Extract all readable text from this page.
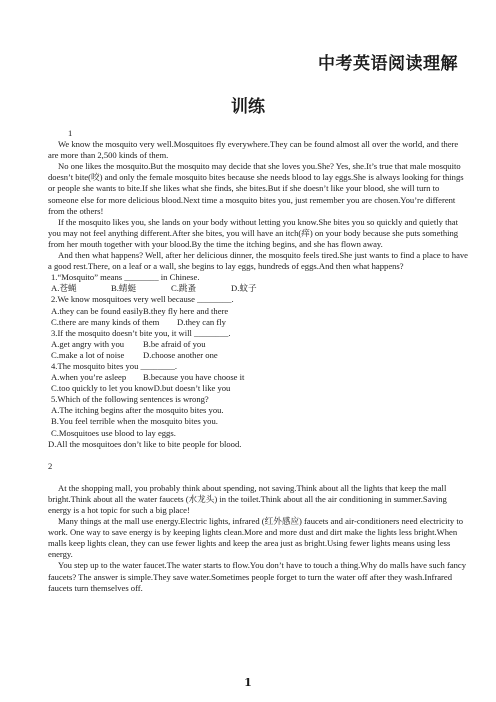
中考英语阅读理解
训练

1

We know the mosquito very well.Mosquitoes fly everywhere.They can be found almost all over the world, and there are more than 2,500 kinds of them.

No one likes the mosquito.But the mosquito may decide that she loves you.She? Yes, she.It’s true that male mosquito doesn’t bite(咬) and only the female mosquito bites because she needs blood to lay eggs.She is always looking for things or people she wants to bite.If she likes what she finds, she bites.But if she doesn’t like your blood, she will turn to someone else for more delicious blood.Next time a mosquito bites you, just remember you are chosen.You’re different from the others!

If the mosquito likes you, she lands on your body without letting you know.She bites you so quickly and quietly that you may not feel anything different.After she bites, you will have an itch(痒) on your body because she puts something from her mouth together with your blood.By the time the itching begins, and she has flown away.

And then what happens? Well, after her delicious dinner, the mosquito feels tired.She just wants to find a place to have a good rest.There, on a leaf or a wall, she begins to lay eggs, hundreds of eggs.And then what happens?

1.“Mosquito” means ________ in Chinese.

A.苍蝇	B.蜻蜓	C.跳蚤	D.蚊子

2.We know mosquitoes very well because ________.

A.they can be found easily B.they fly here and there
C.there are many kinds of them	D.they can fly

3.If the mosquito doesn’t bite you, it will ________.

A.get angry with you	B.be afraid of you
C.make a lot of noise	D.choose another one

4.The mosquito bites you ________.

A.when you’re asleep	B.because you have choose it
C.too quickly to let you know D.but doesn’t like you

5.Which of the following sentences is wrong?

A.The itching begins after the mosquito bites you.

B.You feel terrible when the mosquito bites you.

C.Mosquitoes use blood to lay eggs.

D.All the mosquitoes don’t like to bite people for blood.

2

At the shopping mall, you probably think about spending, not saving.Think about all the lights that keep the mall bright.Think about all the water faucets (水龙头) in the toilet.Think about all the air conditioning in summer.Saving energy is a hot topic for such a big place!

Many things at the mall use energy.Electric lights, infrared (红外感应) faucets and air-conditioners need electricity to work. One way to save energy is by keeping lights clean.More and more dust and dirt make the lights less bright.When malls keep lights clean, they can use fewer lights and keep the area just as bright.Using fewer lights means using less energy.

You step up to the water faucet.The water starts to flow.You don’t have to touch a thing.Why do malls have such fancy faucets? The answer is simple.They save water.Sometimes people forget to turn the water off after they wash.Infrared faucets turn themselves off.

1
